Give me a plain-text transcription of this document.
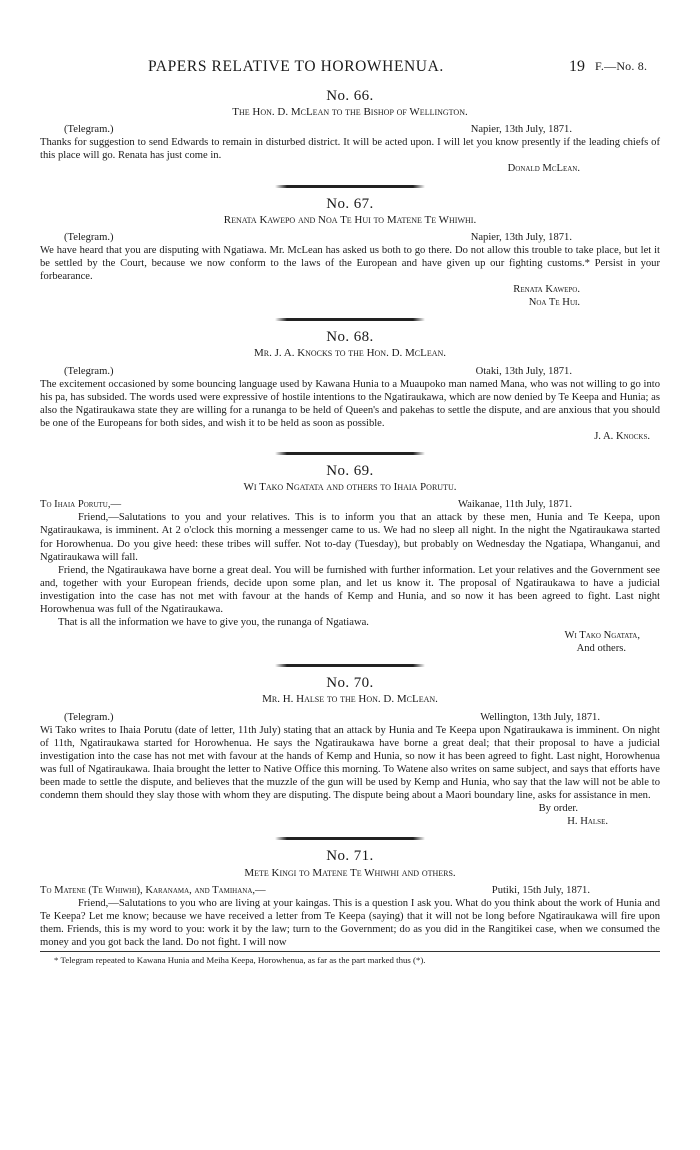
PAPERS RELATIVE TO HOROWHENUA.	19 F.—No. 8.
No. 66.
The Hon. D. McLean to the Bishop of Wellington.
(Telegram.)	Napier, 13th July, 1871.

Thanks for suggestion to send Edwards to remain in disturbed district. It will be acted upon. I will let you know presently if the leading chiefs of this place will go. Renata has just come in.

Donald McLean.
No. 67.
Renata Kawepo and Noa Te Hui to Matene Te Whiwhi.
(Telegram.)	Napier, 13th July, 1871.

We have heard that you are disputing with Ngatiawa. Mr. McLean has asked us both to go there. Do not allow this trouble to take place, but let it be settled by the Court, because we now conform to the laws of the European and have given up our fighting customs.* Persist in your forbearance.

Renata Kawepo.
Noa Te Hui.
No. 68.
Mr. J. A. Knocks to the Hon. D. McLean.
(Telegram.)	Otaki, 13th July, 1871.

The excitement occasioned by some bouncing language used by Kawana Hunia to a Muaupoko man named Mana, who was not willing to go into his pa, has subsided. The words used were expressive of hostile intentions to the Ngatiraukawa, which are now denied by Te Keepa and Hunia; as also the Ngatiraukawa state they are willing for a runanga to be held of Queen's and pakehas to settle the dispute, and are anxious that you should be one of the Europeans for both sides, and wish it to be held as soon as possible.

J. A. Knocks.
No. 69.
Wi Tako Ngatata and others to Ihaia Porutu.
To Ihaia Porutu,—	Waikanae, 11th July, 1871.

Friend,—Salutations to you and your relatives. This is to inform you that an attack by these men, Hunia and Te Keepa, upon Ngatiraukawa, is imminent. At 2 o'clock this morning a messenger came to us. We had no sleep all night. In the night the Ngatiraukawa started for Horowhenua. Do you give heed: these tribes will suffer. Not to-day (Tuesday), but probably on Wednesday the Ngatiapa, Whanganui, and Ngatiraukawa will fall.

Friend, the Ngatiraukawa have borne a great deal. You will be furnished with further information. Let your relatives and the Government see and, together with your European friends, decide upon some plan, and let us know it. The proposal of Ngatiraukawa to have a judicial investigation into the case has not met with favour at the hands of Kemp and Hunia, and so now it has been agreed to fight. Last night Horowhenua was full of the Ngatiraukawa.

That is all the information we have to give you, the runanga of Ngatiawa.

Wi Tako Ngatata,
And others.
No. 70.
Mr. H. Halse to the Hon. D. McLean.
(Telegram.)	Wellington, 13th July, 1871.

Wi Tako writes to Ihaia Porutu (date of letter, 11th July) stating that an attack by Hunia and Te Keepa upon Ngatiraukawa is imminent. On night of 11th, Ngatiraukawa started for Horowhenua. He says the Ngatiraukawa have borne a great deal; that their proposal to have a judicial investigation into the case has not met with favour at the hands of Kemp and Hunia, so now it has been agreed to fight. Last night, Horowhenua was full of Ngatiraukawa. Ihaia brought the letter to Native Office this morning. To Watene also writes on same subject, and says that efforts have been made to settle the dispute, and believes that the muzzle of the gun will be used by Kemp and Hunia, who say that the law will not be able to condemn them should they slay those with whom they are disputing. The dispute being about a Maori boundary line, asks for assistance in men.

By order.
H. Halse.
No. 71.
Mete Kingi to Matene Te Whiwhi and others.
To Matene (Te Whiwhi), Karanama, and Tamihana,—	Putiki, 15th July, 1871.

Friend,—Salutations to you who are living at your kaingas. This is a question I ask you. What do you think about the work of Hunia and Te Keepa? Let me know; because we have received a letter from Te Keepa (saying) that it will not be long before Ngatiraukawa will fire upon them. Friends, this is my word to you: work it by the law; turn to the Government; do as you did in the Rangitikei case, when we consumed the money and you got back the land. Do not fight. I will now

* Telegram repeated to Kawana Hunia and Meiha Keepa, Horowhenua, as far as the part marked thus (*).
